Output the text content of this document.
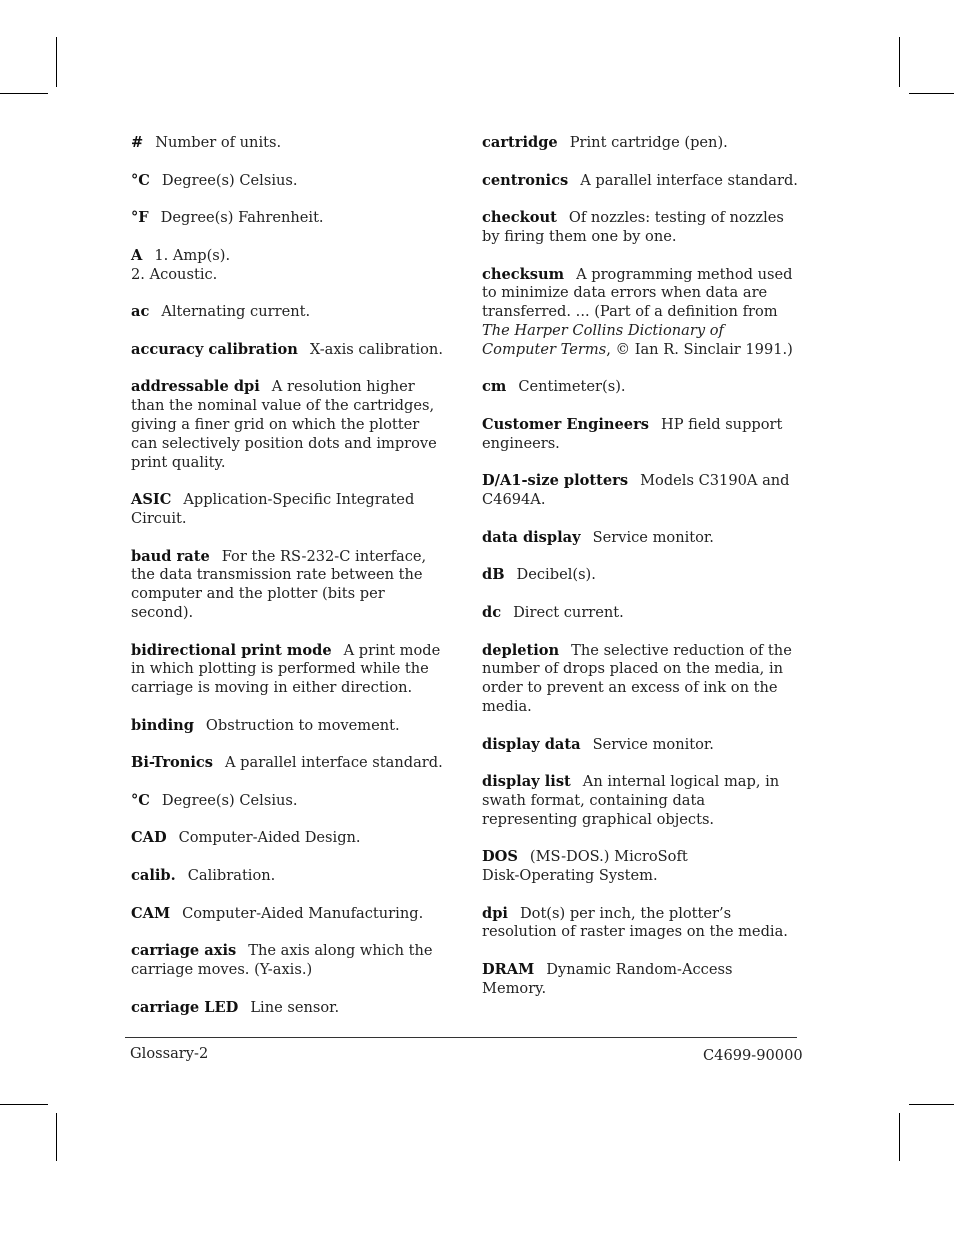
# Number of units.
°C Degree(s) Celsius.
°F Degree(s) Fahrenheit.
A 1. Amp(s).
2. Acoustic.
ac Alternating current.
accuracy calibration X-axis calibration.
addressable dpi A resolution higher than the nominal value of the cartridges, giving a finer grid on which the plotter can selectively position dots and improve print quality.
ASIC Application-Specific Integrated Circuit.
baud rate For the RS-232-C interface, the data transmission rate between the computer and the plotter (bits per second).
bidirectional print mode A print mode in which plotting is performed while the carriage is moving in either direction.
binding Obstruction to movement.
Bi-Tronics A parallel interface standard.
°C Degree(s) Celsius.
CAD Computer-Aided Design.
calib. Calibration.
CAM Computer-Aided Manufacturing.
carriage axis The axis along which the carriage moves. (Y-axis.)
carriage LED Line sensor.
cartridge Print cartridge (pen).
centronics A parallel interface standard.
checkout Of nozzles: testing of nozzles by firing them one by one.
checksum A programming method used to minimize data errors when data are transferred. ... (Part of a definition from The Harper Collins Dictionary of Computer Terms, © Ian R. Sinclair 1991.)
cm Centimeter(s).
Customer Engineers HP field support engineers.
D/A1-size plotters Models C3190A and C4694A.
data display Service monitor.
dB Decibel(s).
dc Direct current.
depletion The selective reduction of the number of drops placed on the media, in order to prevent an excess of ink on the media.
display data Service monitor.
display list An internal logical map, in swath format, containing data representing graphical objects.
DOS (MS-DOS.) MicroSoft
Disk-Operating System.
dpi Dot(s) per inch, the plotter’s resolution of raster images on the media.
DRAM Dynamic Random-Access Memory.
Glossary-2	C4699-90000
